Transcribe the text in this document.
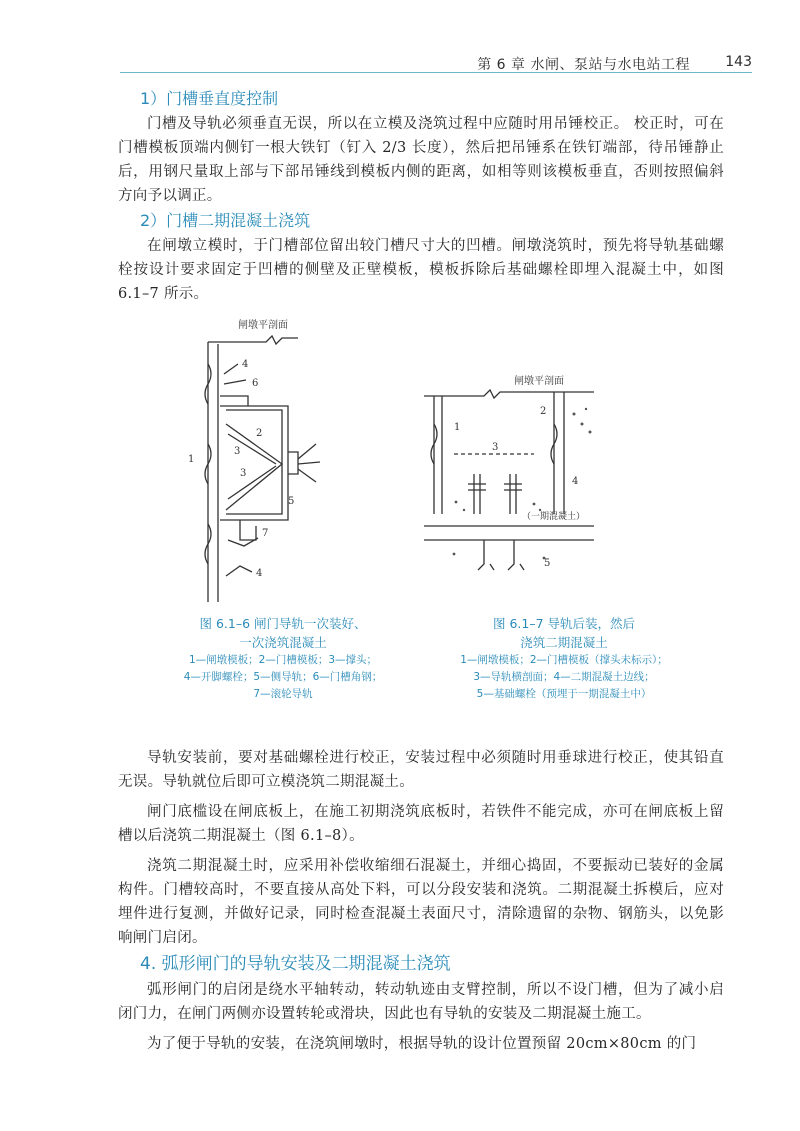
第 6 章 水闸、泵站与水电站工程	143
1）门槽垂直度控制

门槽及导轨必须垂直无误，所以在立模及浇筑过程中应随时用吊锤校正。 校正时，可在门槽模板顶端内侧钉一根大铁钉（钉入 2/3 长度），然后把吊锤系在铁钉端部，待吊锤静止后，用钢尺量取上部与下部吊锤线到模板内侧的距离，如相等则该模板垂直，否则按照偏斜方向予以调正。

2）门槽二期混凝土浇筑

在闸墩立模时，于门槽部位留出较门槽尺寸大的凹槽。闸墩浇筑时，预先将导轨基础螺栓按设计要求固定于凹槽的侧壁及正壁模板，模板拆除后基础螺栓即埋入混凝土中，如图 6.1–7 所示。

闸墩平剖面
4
6
2
3
3
1
5
7
4
图 6.1–6 闸门导轨一次装好、
一次浇筑混凝土
1—闸墩模板；2—门槽模板；3—撑头；
4—开脚螺栓；5—侧导轨；6—门槽角钢；
7—滚轮导轨
闸墩平剖面
1
2
3
4
5
（一期混凝土）
图 6.1–7 导轨后装，然后
浇筑二期混凝土
1—闸墩模板；2—门槽模板（撑头未标示）；
3—导轨横剖面；4—二期混凝土边线；
5—基础螺栓（预埋于一期混凝土中）

导轨安装前，要对基础螺栓进行校正，安装过程中必须随时用垂球进行校正，使其铅直无误。导轨就位后即可立模浇筑二期混凝土。

闸门底槛设在闸底板上，在施工初期浇筑底板时，若铁件不能完成，亦可在闸底板上留槽以后浇筑二期混凝土（图 6.1–8）。

浇筑二期混凝土时，应采用补偿收缩细石混凝土，并细心捣固，不要振动已装好的金属构件。门槽较高时，不要直接从高处下料，可以分段安装和浇筑。二期混凝土拆模后，应对埋件进行复测，并做好记录，同时检查混凝土表面尺寸，清除遗留的杂物、钢筋头，以免影响闸门启闭。

4. 弧形闸门的导轨安装及二期混凝土浇筑

弧形闸门的启闭是绕水平轴转动，转动轨迹由支臂控制，所以不设门槽，但为了减小启闭门力，在闸门两侧亦设置转轮或滑块，因此也有导轨的安装及二期混凝土施工。

为了便于导轨的安装，在浇筑闸墩时，根据导轨的设计位置预留 20cm×80cm 的门
